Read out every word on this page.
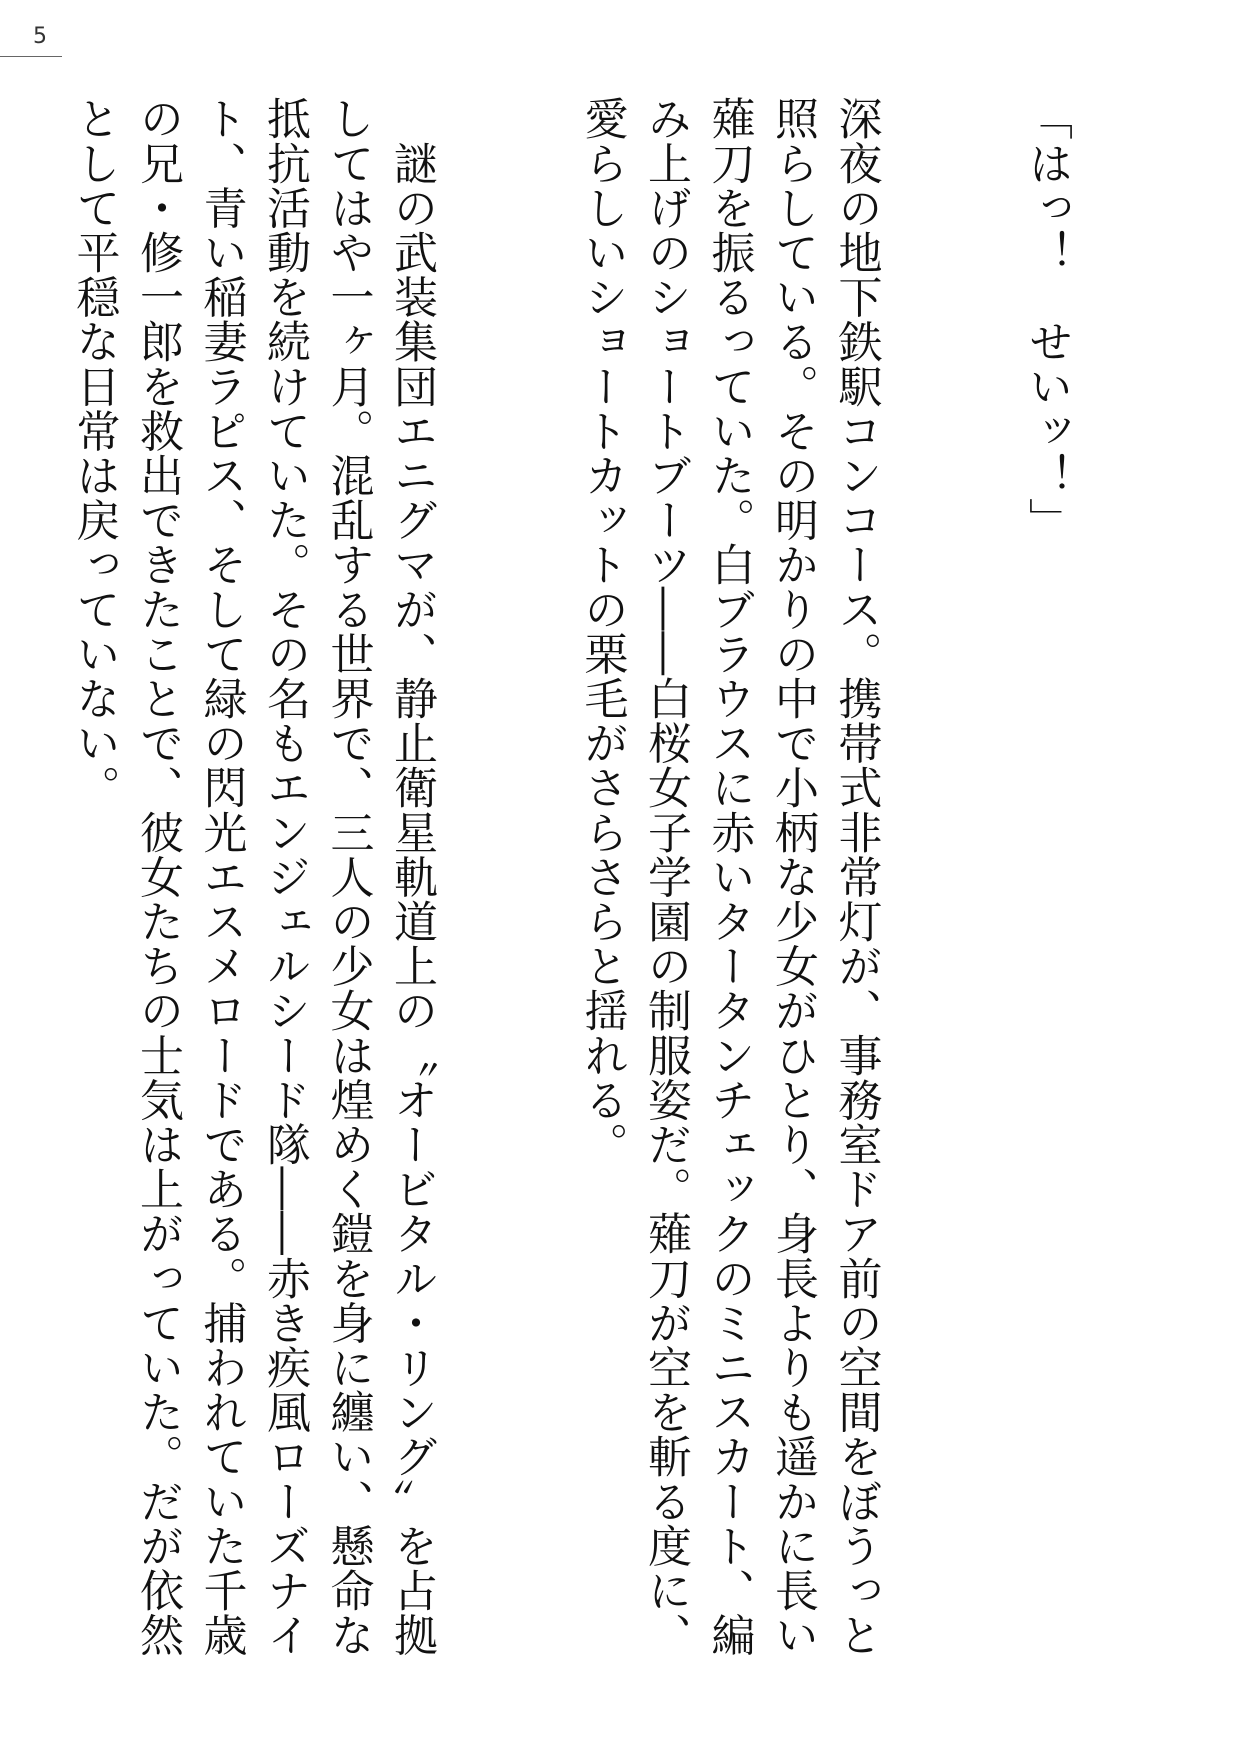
5

「はっ！　せいッ！」

深夜の地下鉄駅コンコース。携帯式非常灯が、事務室ドア前の空間をぼうっと照らしている。その明かりの中で小柄な少女がひとり、身長よりも遥かに長い薙刀を振るっていた。白ブラウスに赤いタータンチェックのミニスカート、編み上げのショートブーツ――白桜女子学園の制服姿だ。薙刀が空を斬る度に、愛らしいショートカットの栗毛がさらさらと揺れる。

　謎の武装集団エニグマが、静止衛星軌道上の〝オービタル・リング〟を占拠してはや一ヶ月。混乱する世界で、三人の少女は煌めく鎧を身に纏い、懸命な抵抗活動を続けていた。その名もエンジェルシード隊――赤き疾風ローズナイト、青い稲妻ラピス、そして緑の閃光エスメロードである。捕われていた千歳の兄・修一郎を救出できたことで、彼女たちの士気は上がっていた。だが依然として平穏な日常は戻っていない。
